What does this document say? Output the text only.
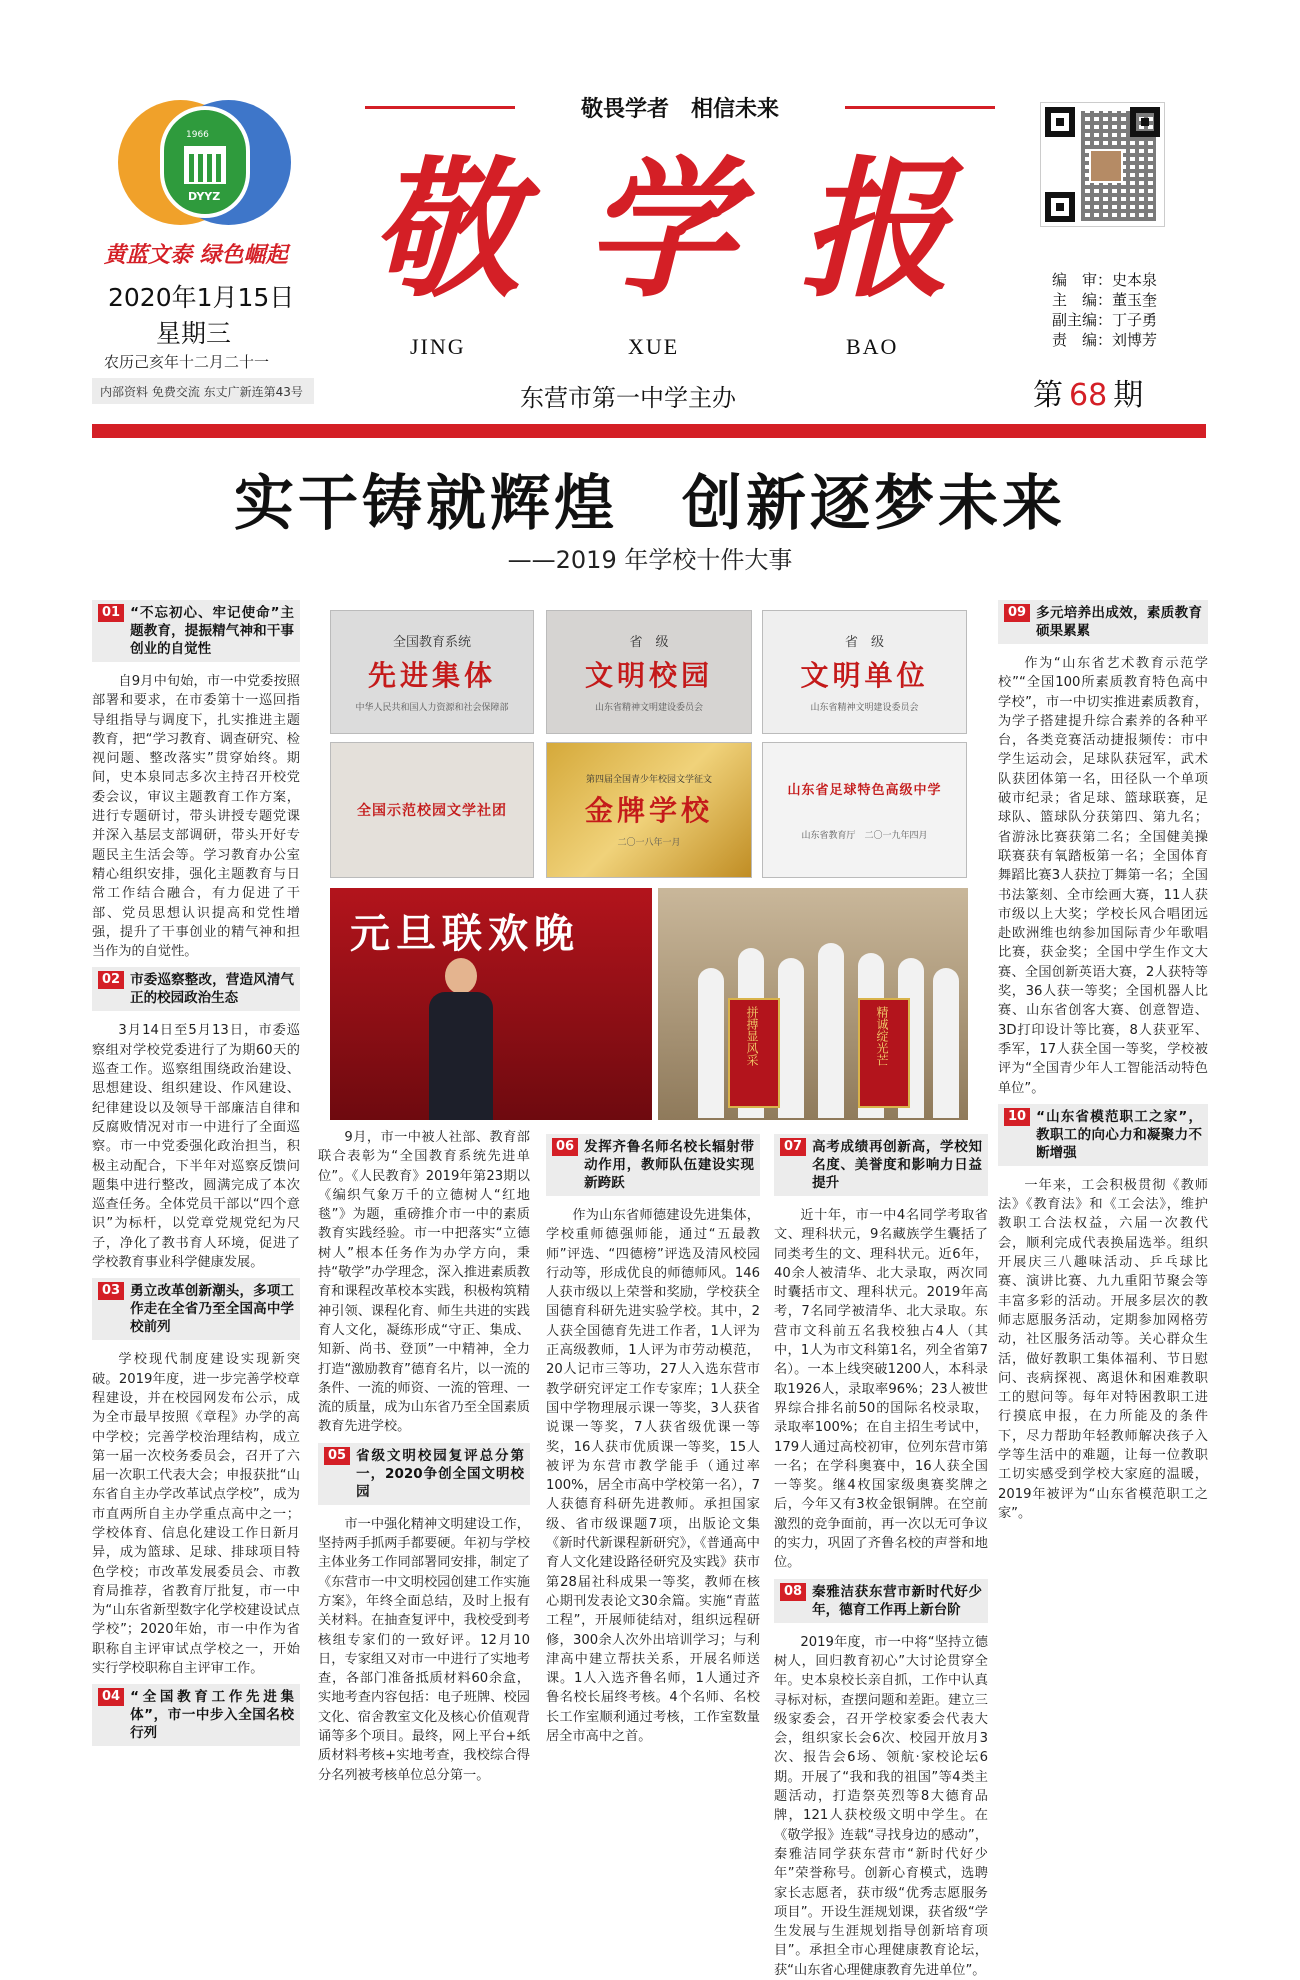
1966
DYYZ
黄蓝文泰 绿色崛起
2020年1月15日
星期三
农历己亥年十二月二十一
内部资料 免费交流 东丈广新连第43号
敬畏学者　相信未来
敬 学 报
JING	XUE	BAO
东营市第一中学主办
编　审：史本泉
主　编：董玉奎
副主编：丁子勇
责　编：刘博芳
第 68 期
实干铸就辉煌　创新逐梦未来
——2019 年学校十件大事
全国教育系统
先进集体
中华人民共和国人力资源和社会保障部
省　级
文明校园
山东省精神文明建设委员会
省　级
文明单位
山东省精神文明建设委员会
全国示范校园文学社团
第四届全国青少年校园文学征文
金牌学校
二〇一八年一月
山东省足球特色高级中学
山东省教育厅　二〇一九年四月
元旦联欢晚
拼搏显风采	精诚绽光芒
01 “不忘初心、牢记使命”主题教育，提振精气神和干事创业的自觉性

自9月中旬始，市一中党委按照部署和要求，在市委第十一巡回指导组指导与调度下，扎实推进主题教育，把“学习教育、调查研究、检视问题、整改落实”贯穿始终。期间，史本泉同志多次主持召开校党委会议，审议主题教育工作方案，进行专题研讨，带头讲授专题党课并深入基层支部调研，带头开好专题民主生活会等。学习教育办公室精心组织安排，强化主题教育与日常工作结合融合，有力促进了干部、党员思想认识提高和党性增强，提升了干事创业的精气神和担当作为的自觉性。

02 市委巡察整改，营造风清气正的校园政治生态

3月14日至5月13日，市委巡察组对学校党委进行了为期60天的巡查工作。巡察组围绕政治建设、思想建设、组织建设、作风建设、纪律建设以及领导干部廉洁自律和反腐败情况对市一中进行了全面巡察。市一中党委强化政治担当，积极主动配合，下半年对巡察反馈问题集中进行整改，圆满完成了本次巡查任务。全体党员干部以“四个意识”为标杆，以党章党规党纪为尺子，净化了教书育人环境，促进了学校教育事业科学健康发展。

03 勇立改革创新潮头，多项工作走在全省乃至全国高中学校前列

学校现代制度建设实现新突破。2019年度，进一步完善学校章程建设，并在校园网发布公示，成为全市最早按照《章程》办学的高中学校；完善学校治理结构，成立第一届一次校务委员会，召开了六届一次职工代表大会；申报获批“山东省自主办学改革试点学校”，成为市直两所自主办学重点高中之一；学校体育、信息化建设工作日新月异，成为篮球、足球、排球项目特色学校；市改革发展委员会、市教育局推荐，省教育厅批复，市一中为“山东省新型数字化学校建设试点学校”；2020年始，市一中作为省职称自主评审试点学校之一，开始实行学校职称自主评审工作。

04 “全国教育工作先进集体”，市一中步入全国名校行列

9月，市一中被人社部、教育部联合表彰为“全国教育系统先进单位”。《人民教育》2019年第23期以《编织气象万千的立德树人“红地毯”》为题，重磅推介市一中的素质教育实践经验。市一中把落实“立德树人”根本任务作为办学方向，秉持“敬学”办学理念，深入推进素质教育和课程改革校本实践，积极构筑精神引领、课程化育、师生共进的实践育人文化，凝练形成“守正、集成、知新、尚书、登顶”一中精神，全力打造“激励教育”德育名片，以一流的条件、一流的师资、一流的管理、一流的质量，成为山东省乃至全国素质教育先进学校。

05 省级文明校园复评总分第一，2020争创全国文明校园

市一中强化精神文明建设工作，坚持两手抓两手都要硬。年初与学校主体业务工作同部署同安排，制定了《东营市一中文明校园创建工作实施方案》，年终全面总结，及时上报有关材料。在抽查复评中，我校受到考核组专家们的一致好评。12月10日，专家组又对市一中进行了实地考查，各部门准备抵质材料60余盒，实地考查内容包括：电子班牌、校园文化、宿舍教室文化及核心价值观背诵等多个项目。最终，网上平台+纸质材料考核+实地考查，我校综合得分名列被考核单位总分第一。

06 发挥齐鲁名师名校长辐射带动作用，教师队伍建设实现新跨跃

作为山东省师德建设先进集体，学校重师德强师能，通过“五最教师”评选、“四德榜”评选及清风校园行动等，形成优良的师德师风。146人获市级以上荣誉和奖励，学校获全国德育科研先进实验学校。其中，2人获全国德育先进工作者，1人评为正高级教师，1人评为市劳动模范，20人记市三等功，27人入选东营市教学研究评定工作专家库；1人获全国中学物理展示课一等奖，3人获省说课一等奖，7人获省级优课一等奖，16人获市优质课一等奖，15人被评为东营市教学能手（通过率100%，居全市高中学校第一名），7人获德育科研先进教师。承担国家级、省市级课题7项，出版论文集《新时代新课程新研究》，《普通高中育人文化建设路径研究及实践》获市第28届社科成果一等奖，教师在核心期刊发表论文30余篇。实施“青蓝工程”，开展师徒结对，组织远程研修，300余人次外出培训学习；与利津高中建立帮扶关系，开展名师送课。1人入选齐鲁名师，1人通过齐鲁名校长届终考核。4个名师、名校长工作室顺利通过考核，工作室数量居全市高中之首。

07 高考成绩再创新高，学校知名度、美誉度和影响力日益提升

近十年，市一中4名同学考取省文、理科状元，9名藏族学生囊括了同类考生的文、理科状元。近6年，40余人被清华、北大录取，两次同时囊括市文、理科状元。2019年高考，7名同学被清华、北大录取。东营市文科前五名我校独占4人（其中，1人为市文科第1名，列全省第7名）。一本上线突破1200人，本科录取1926人，录取率96%；23人被世界综合排名前50的国际名校录取，录取率100%；在自主招生考试中，179人通过高校初审，位列东营市第一名；在学科奥赛中，16人获全国一等奖。继4枚国家级奥赛奖牌之后，今年又有3枚金银铜牌。在空前激烈的竞争面前，再一次以无可争议的实力，巩固了齐鲁名校的声誉和地位。

08 秦雅洁获东营市新时代好少年，德育工作再上新台阶

2019年度，市一中将“坚持立德树人，回归教育初心”大讨论贯穿全年。史本泉校长亲自抓，工作中认真寻标对标，查摆问题和差距。建立三级家委会，召开学校家委会代表大会，组织家长会6次、校园开放月3次、报告会6场、领航·家校论坛6期。开展了“我和我的祖国”等4类主题活动，打造祭英烈等8大德育品牌，121人获校级文明中学生。在《敬学报》连载“寻找身边的感动”，秦雅洁同学获东营市“新时代好少年”荣誉称号。创新心育模式，选聘家长志愿者，获市级“优秀志愿服务项目”。开设生涯规划课，获省级“学生发展与生涯规划指导创新培育项目”。承担全市心理健康教育论坛，获“山东省心理健康教育先进单位”。

09 多元培养出成效，素质教育硕果累累

作为“山东省艺术教育示范学校”“全国100所素质教育特色高中学校”，市一中切实推进素质教育，为学子搭建提升综合素养的各种平台，各类竞赛活动捷报频传：市中学生运动会，足球队获冠军，武术队获团体第一名，田径队一个单项破市纪录；省足球、篮球联赛，足球队、篮球队分获第四、第九名；省游泳比赛获第二名；全国健美操联赛获有氧踏板第一名；全国体育舞蹈比赛3人获拉丁舞第一名；全国书法篆刻、全市绘画大赛，11人获市级以上大奖；学校长风合唱团远赴欧洲维也纳参加国际青少年歌唱比赛，获金奖；全国中学生作文大赛、全国创新英语大赛，2人获特等奖，36人获一等奖；全国机器人比赛、山东省创客大赛、创意智造、3D打印设计等比赛，8人获亚军、季军，17人获全国一等奖，学校被评为“全国青少年人工智能活动特色单位”。

10 “山东省模范职工之家”，教职工的向心力和凝聚力不断增强

一年来，工会积极贯彻《教师法》《教育法》和《工会法》，维护教职工合法权益，六届一次教代会，顺利完成代表换届选举。组织开展庆三八趣味活动、乒乓球比赛、演讲比赛、九九重阳节聚会等丰富多彩的活动。开展多层次的教师志愿服务活动，定期参加网格劳动，社区服务活动等。关心群众生活，做好教职工集体福利、节日慰问、丧病探视、离退休和困难教职工的慰问等。每年对特困教职工进行摸底申报，在力所能及的条件下，尽力帮助年轻教师解决孩子入学等生活中的难题，让每一位教职工切实感受到学校大家庭的温暖，2019年被评为“山东省模范职工之家”。
